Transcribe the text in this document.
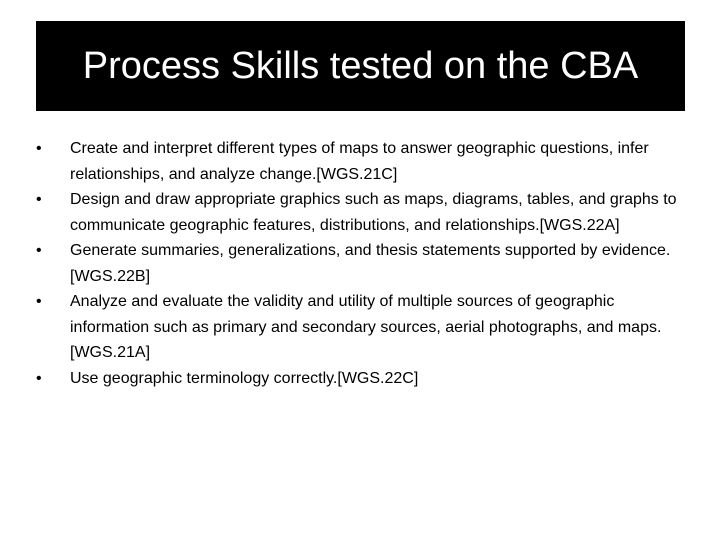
Process Skills tested on the CBA
•	Create and interpret different types of maps to answer geographic questions, infer relationships, and analyze change.[WGS.21C]
•	Design and draw appropriate graphics such as maps, diagrams, tables, and graphs to communicate geographic features, distributions, and relationships.[WGS.22A]
•	Generate summaries, generalizations, and thesis statements supported by evidence.[WGS.22B]
•	Analyze and evaluate the validity and utility of multiple sources of geographic information such as primary and secondary sources, aerial photographs, and maps.[WGS.21A]
•	Use geographic terminology correctly.[WGS.22C]
